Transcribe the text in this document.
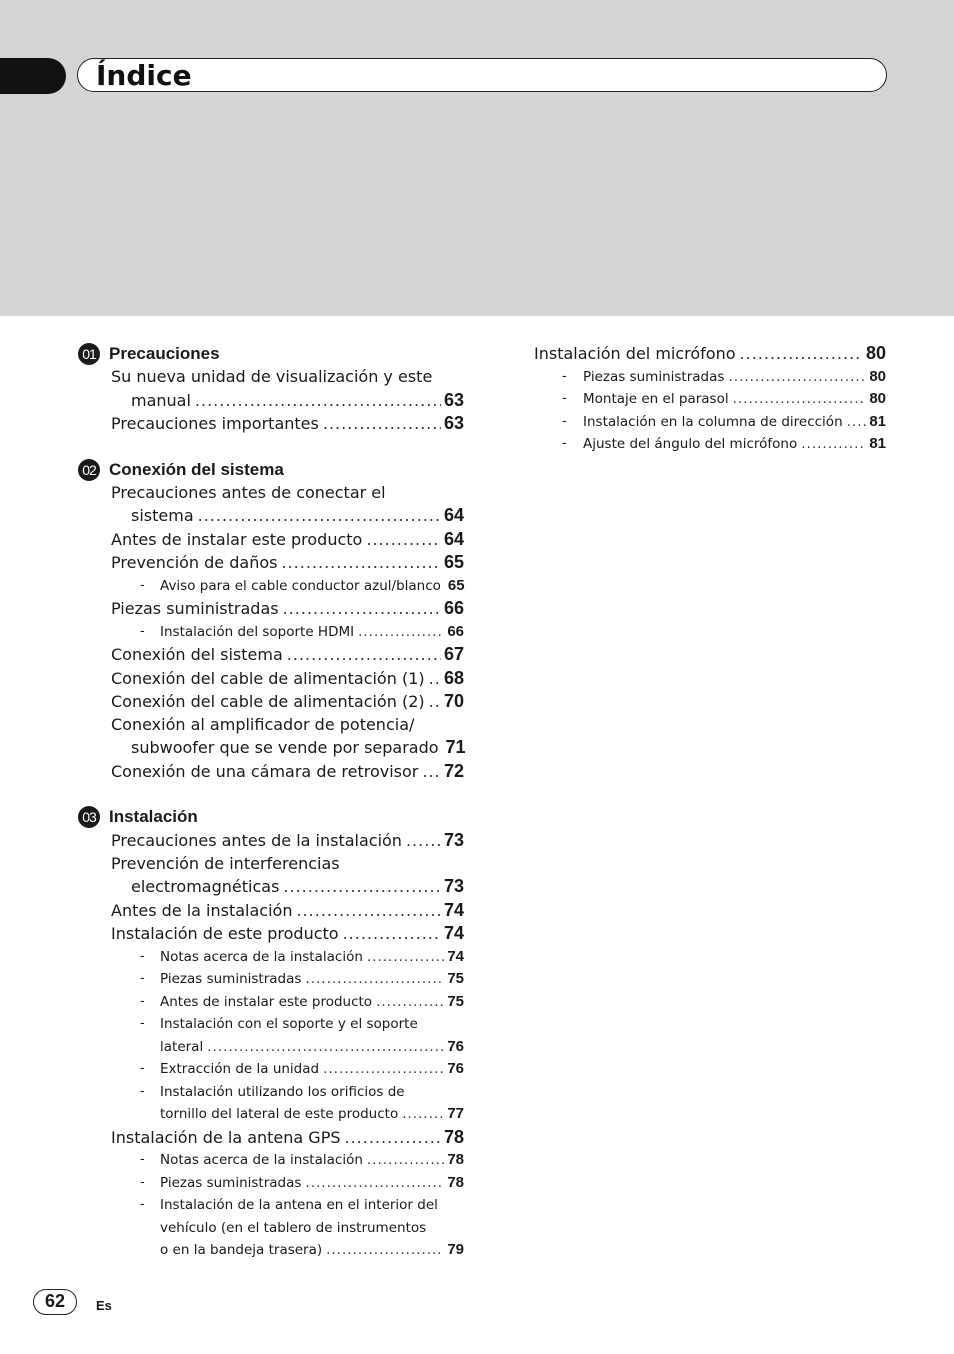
Índice
01 Precauciones
Su nueva unidad de visualización y este
manual .....	63
Precauciones importantes .....	63
02 Conexión del sistema
Precauciones antes de conectar el
sistema .....	64
Antes de instalar este producto .....	64
Prevención de daños .....	65
- Aviso para el cable conductor azul/blanco 65
Piezas suministradas .....	66
- Instalación del soporte HDMI .....	66
Conexión del sistema .....	67
Conexión del cable de alimentación (1) ..... 68
Conexión del cable de alimentación (2) ..... 70
Conexión al amplificador de potencia/
subwoofer que se vende por separado 71
Conexión de una cámara de retrovisor ..... 72
03 Instalación
Precauciones antes de la instalación ..... 73
Prevención de interferencias
electromagnéticas .....	73
Antes de la instalación .....	74
Instalación de este producto .....	74
- Notas acerca de la instalación .....	74
- Piezas suministradas .....	75
- Antes de instalar este producto .....	75
- Instalación con el soporte y el soporte
lateral .....	76
- Extracción de la unidad .....	76
- Instalación utilizando los orificios de
tornillo del lateral de este producto .....	77
Instalación de la antena GPS .....	78
- Notas acerca de la instalación .....	78
- Piezas suministradas .....	78
- Instalación de la antena en el interior del
vehículo (en el tablero de instrumentos
o en la bandeja trasera) .....	79
Instalación del micrófono .....	80
- Piezas suministradas .....	80
- Montaje en el parasol .....	80
- Instalación en la columna de dirección ..... 81
- Ajuste del ángulo del micrófono .....	81
62	Es
